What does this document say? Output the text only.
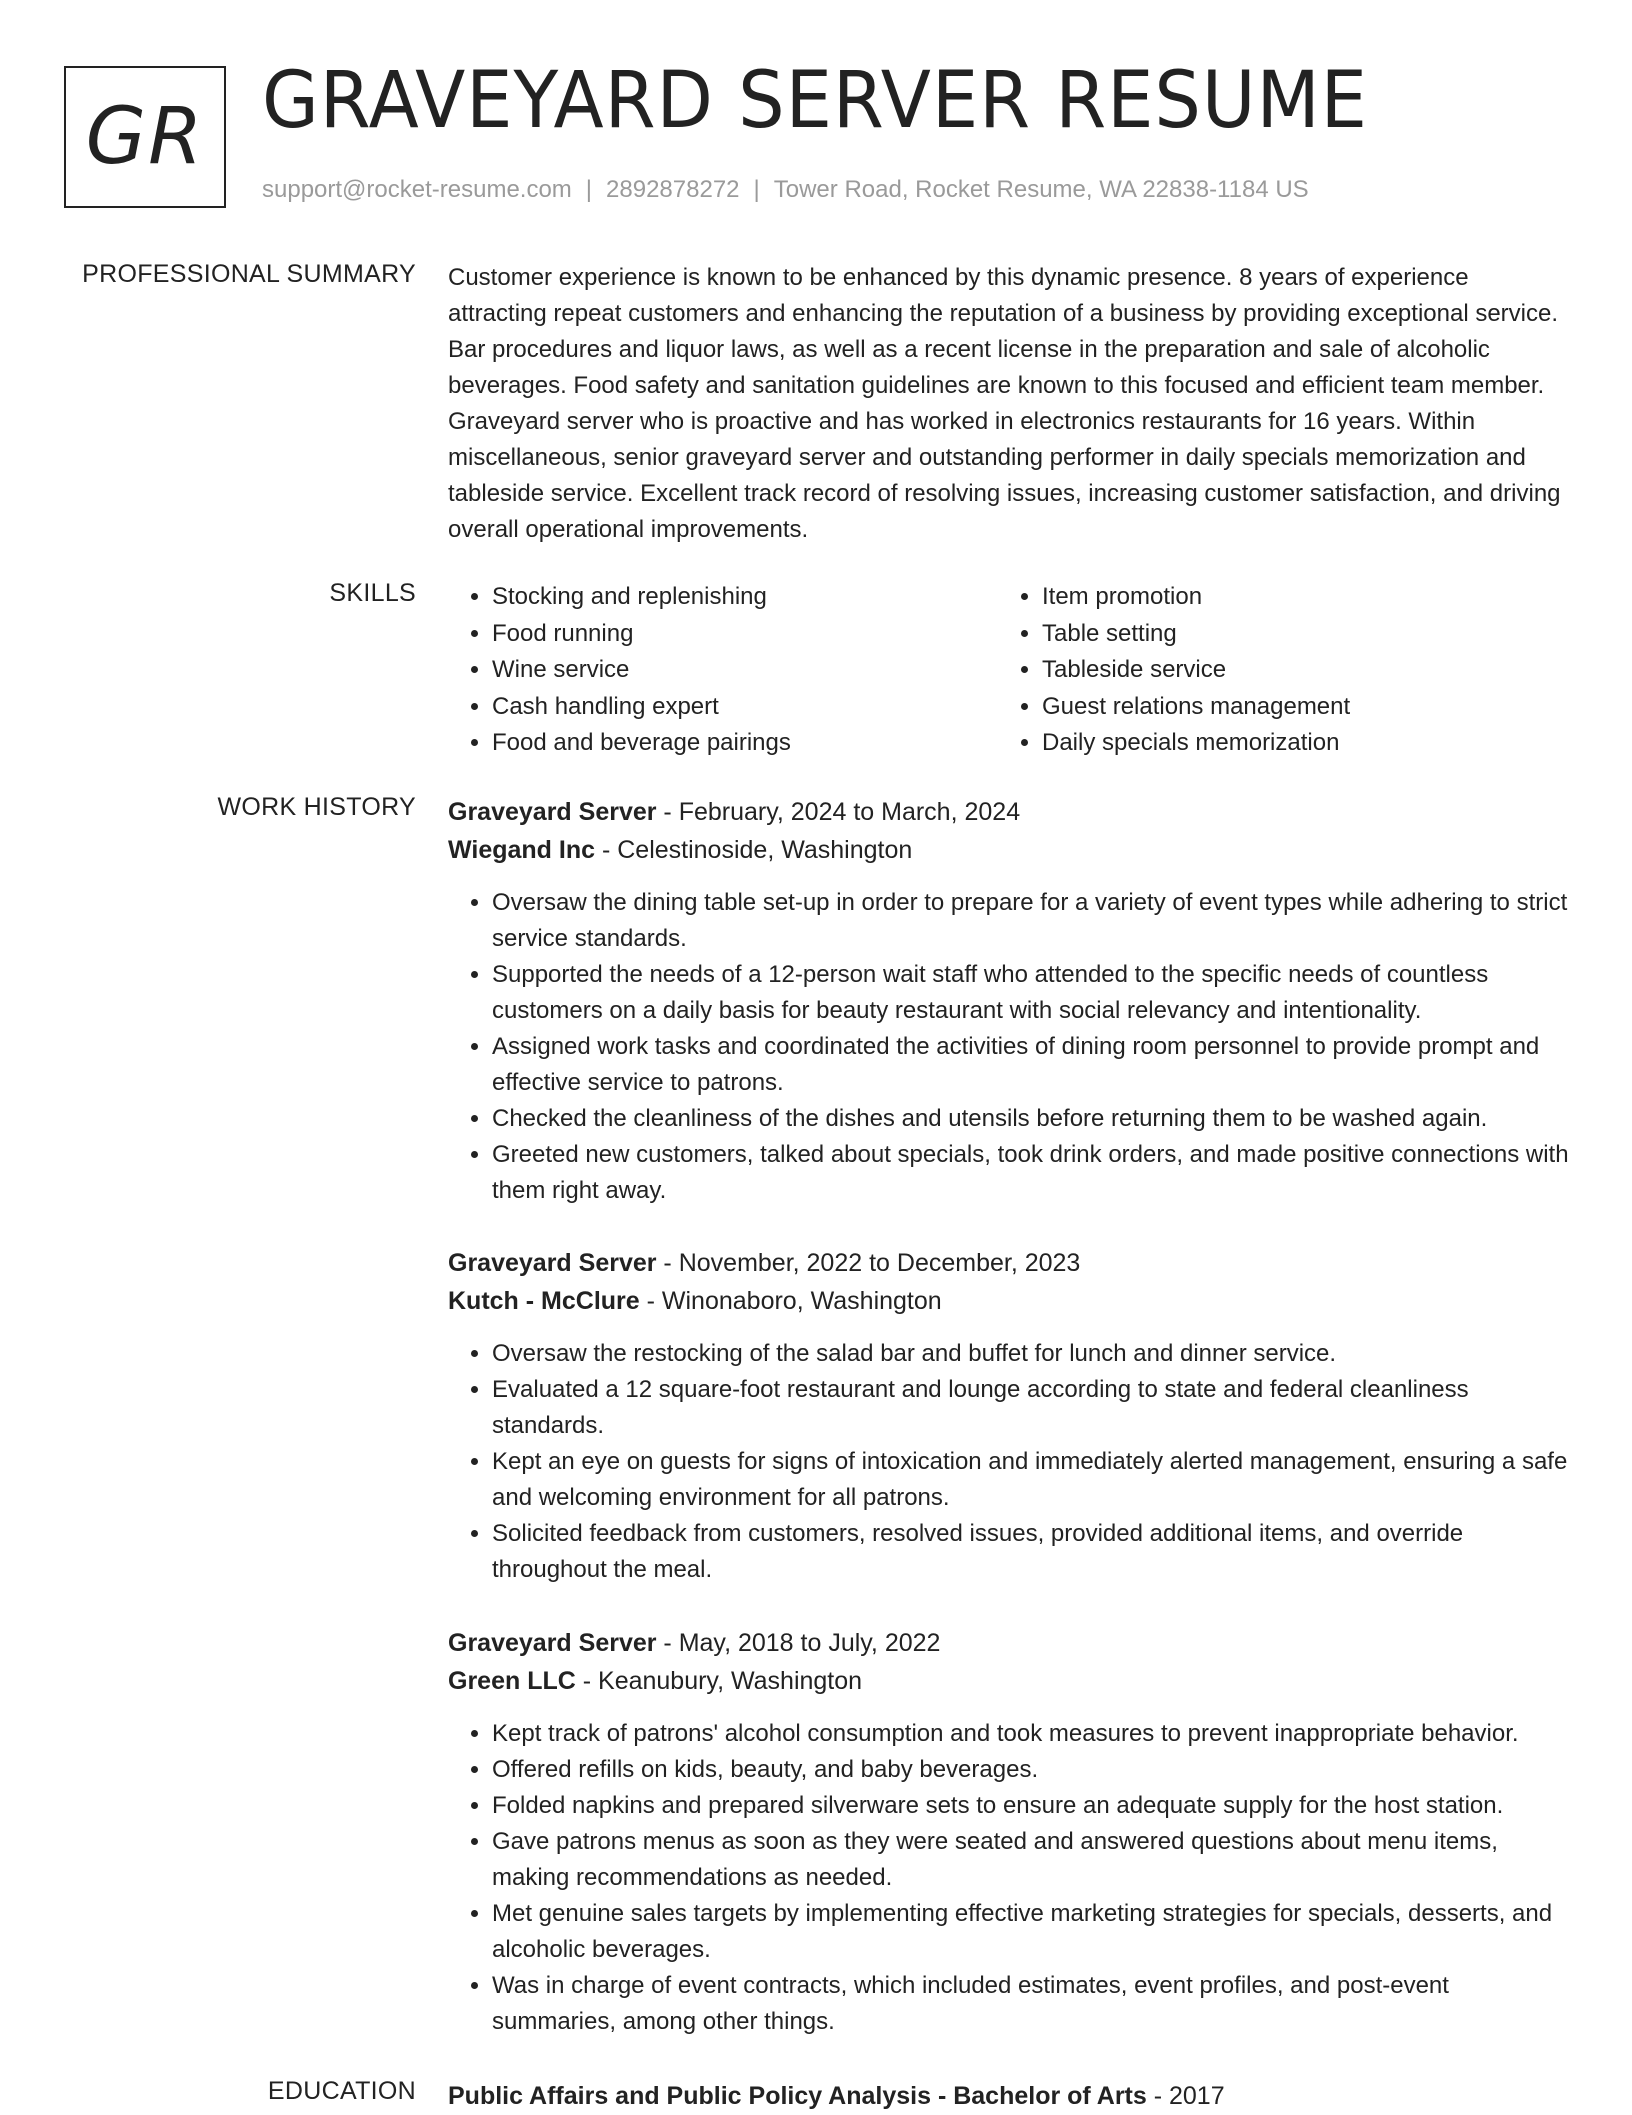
GR GRAVEYARD SERVER RESUME
support@rocket-resume.com | 2892878272 | Tower Road, Rocket Resume, WA 22838-1184 US
PROFESSIONAL SUMMARY Customer experience is known to be enhanced by this dynamic presence. 8 years of experience attracting repeat customers and enhancing the reputation of a business by providing exceptional service. Bar procedures and liquor laws, as well as a recent license in the preparation and sale of alcoholic beverages. Food safety and sanitation guidelines are known to this focused and efficient team member. Graveyard server who is proactive and has worked in electronics restaurants for 16 years. Within miscellaneous, senior graveyard server and outstanding performer in daily specials memorization and tableside service. Excellent track record of resolving issues, increasing customer satisfaction, and driving overall operational improvements.

SKILLS
•	Stocking and replenishing
• Food running
• Wine service
• Cash handling expert
• Food and beverage pairings
• Item promotion
• Table setting
• Tableside service
• Guest relations management
• Daily specials memorization
WORK HISTORY Graveyard Server - February, 2024 to March, 2024
Wiegand Inc - Celestinoside, Washington
• Oversaw the dining table set-up in order to prepare for a variety of event types while adhering to strict service standards.
• Supported the needs of a 12-person wait staff who attended to the specific needs of countless customers on a daily basis for beauty restaurant with social relevancy and intentionality.
• Assigned work tasks and coordinated the activities of dining room personnel to provide prompt and effective service to patrons.
• Checked the cleanliness of the dishes and utensils before returning them to be washed again.
• Greeted new customers, talked about specials, took drink orders, and made positive connections with them right away.
Graveyard Server - November, 2022 to December, 2023
Kutch - McClure - Winonaboro, Washington
• Oversaw the restocking of the salad bar and buffet for lunch and dinner service.
• Evaluated a 12 square-foot restaurant and lounge according to state and federal cleanliness standards.
• Kept an eye on guests for signs of intoxication and immediately alerted management, ensuring a safe and welcoming environment for all patrons.
• Solicited feedback from customers, resolved issues, provided additional items, and override throughout the meal.
Graveyard Server - May, 2018 to July, 2022
Green LLC - Keanubury, Washington
• Kept track of patrons' alcohol consumption and took measures to prevent inappropriate behavior.
• Offered refills on kids, beauty, and baby beverages.
• Folded napkins and prepared silverware sets to ensure an adequate supply for the host station.
• Gave patrons menus as soon as they were seated and answered questions about menu items, making recommendations as needed.
• Met genuine sales targets by implementing effective marketing strategies for specials, desserts, and alcoholic beverages.
• Was in charge of event contracts, which included estimates, event profiles, and post-event summaries, among other things.
EDUCATION Public Affairs and Public Policy Analysis - Bachelor of Arts - 2017
